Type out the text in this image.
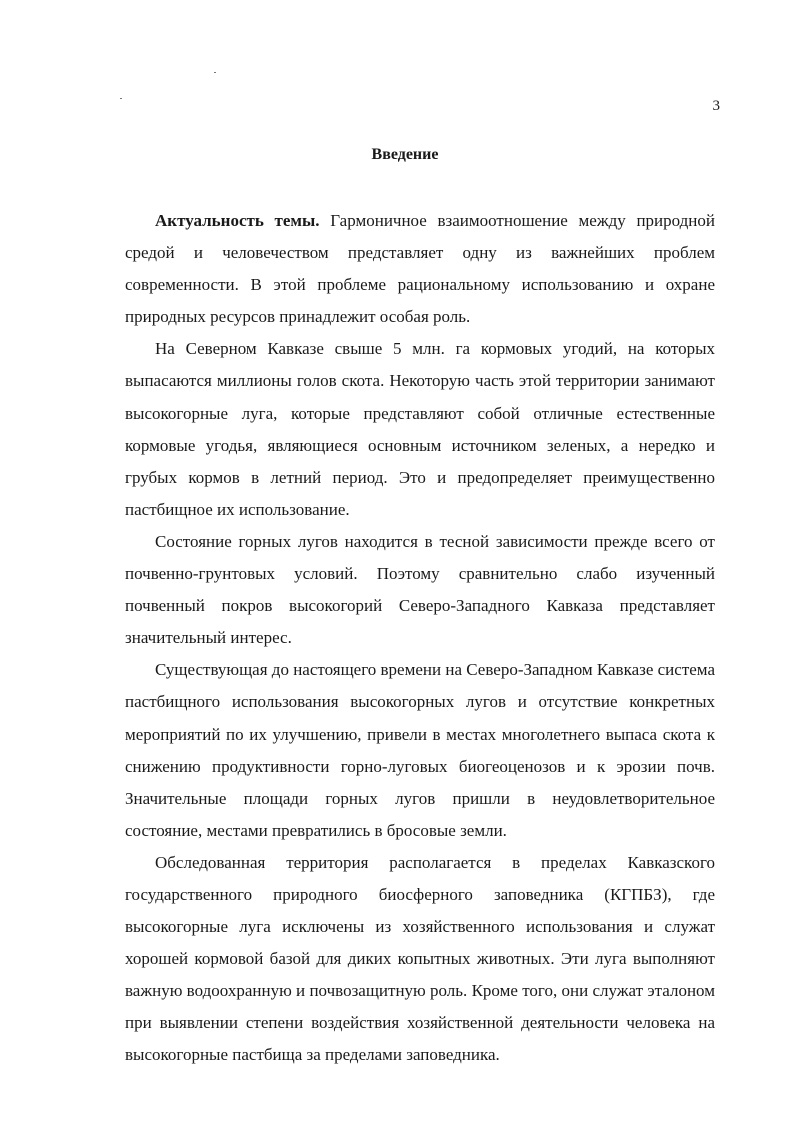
3
Введение

Актуальность темы. Гармоничное взаимоотношение между природной средой и человечеством представляет одну из важнейших проблем современности. В этой проблеме рациональному использованию и охране природных ресурсов принадлежит особая роль.

На Северном Кавказе свыше 5 млн. га кормовых угодий, на которых выпасаются миллионы голов скота. Некоторую часть этой территории занимают высокогорные луга, которые представляют собой отличные естественные кормовые угодья, являющиеся основным источником зеленых, а нередко и грубых кормов в летний период. Это и предопределяет преимущественно пастбищное их использование.

Состояние горных лугов находится в тесной зависимости прежде всего от почвенно-грунтовых условий. Поэтому сравнительно слабо изученный почвенный покров высокогорий Северо-Западного Кавказа представляет значительный интерес.

Существующая до настоящего времени на Северо-Западном Кавказе система пастбищного использования высокогорных лугов и отсутствие конкретных мероприятий по их улучшению, привели в местах многолетнего выпаса скота к снижению продуктивности горно-луговых биогеоценозов и к эрозии почв. Значительные площади горных лугов пришли в неудовлетворительное состояние, местами превратились в бросовые земли.

Обследованная территория располагается в пределах Кавказского государственного природного биосферного заповедника (КГПБЗ), где высокогорные луга исключены из хозяйственного использования и служат хорошей кормовой базой для диких копытных животных. Эти луга выполняют важную водоохранную и почвозащитную роль. Кроме того, они служат эталоном при выявлении степени воздействия хозяйственной деятельности человека на высокогорные пастбища за пределами заповедника.
